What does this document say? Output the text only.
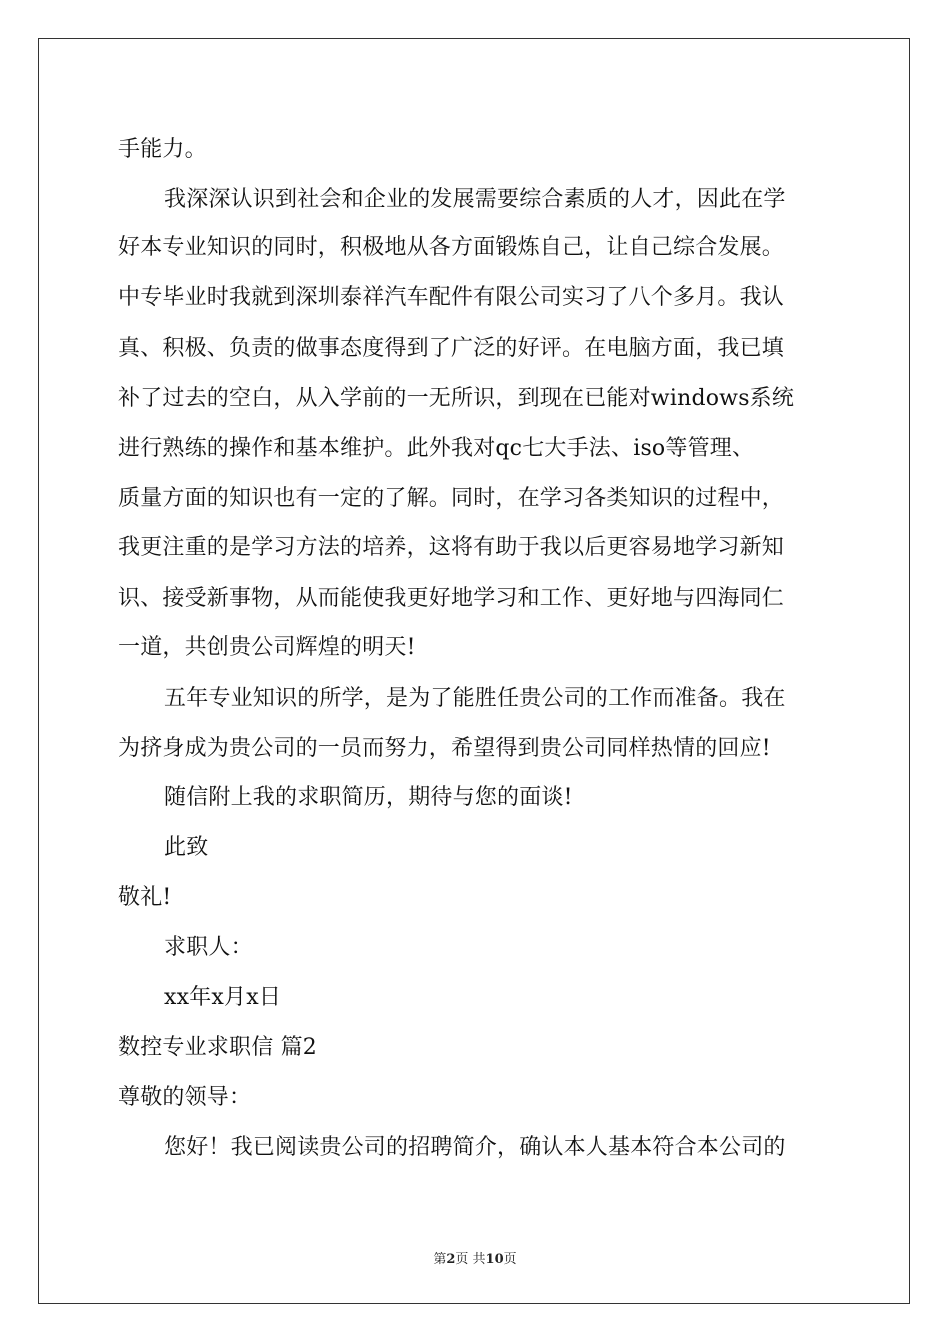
手能力。
我深深认识到社会和企业的发展需要综合素质的人才，因此在学
好本专业知识的同时，积极地从各方面锻炼自己，让自己综合发展。
中专毕业时我就到深圳泰祥汽车配件有限公司实习了八个多月。我认
真、积极、负责的做事态度得到了广泛的好评。在电脑方面，我已填
补了过去的空白，从入学前的一无所识，到现在已能对windows系统
进行熟练的操作和基本维护。此外我对qc七大手法、iso等管理、
质量方面的知识也有一定的了解。同时，在学习各类知识的过程中，
我更注重的是学习方法的培养，这将有助于我以后更容易地学习新知
识、接受新事物，从而能使我更好地学习和工作、更好地与四海同仁
一道，共创贵公司辉煌的明天!
五年专业知识的所学，是为了能胜任贵公司的工作而准备。我在
为挤身成为贵公司的一员而努力，希望得到贵公司同样热情的回应!
随信附上我的求职简历，期待与您的面谈!
此致
敬礼!
求职人：
xx年x月x日
数控专业求职信 篇2
尊敬的领导：
您好！我已阅读贵公司的招聘简介，确认本人基本符合本公司的
第2页 共10页
